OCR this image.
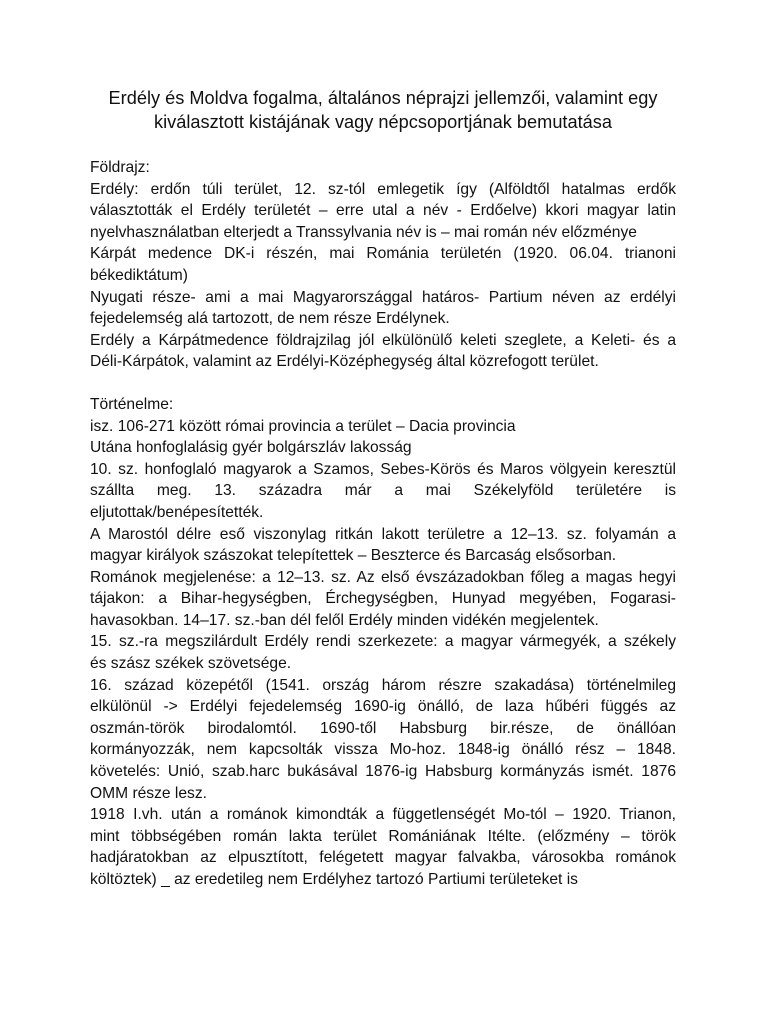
Erdély és Moldva fogalma, általános néprajzi jellemzői, valamint egy
kiválasztott kistájának vagy népcsoportjának bemutatása

Földrajz:

Erdély: erdőn túli terület, 12. sz-tól emlegetik így (Alföldtől hatalmas erdők
választották el Erdély területét – erre utal a név - Erdőelve) kkori magyar latin
nyelvhasználatban elterjedt a Transsylvania név is – mai román név előzménye

Kárpát medence DK-i részén, mai Románia területén (1920. 06.04. trianoni
békediktátum)

Nyugati része- ami a mai Magyarországgal határos- Partium néven az erdélyi
fejedelemség alá tartozott, de nem része Erdélynek.

Erdély a Kárpátmedence földrajzilag jól elkülönülő keleti szeglete, a Keleti- és a
Déli-Kárpátok, valamint az Erdélyi-Középhegység által közrefogott terület.

Történelme:

isz. 106-271 között római provincia a terület – Dacia provincia

Utána honfoglalásig gyér bolgárszláv lakosság

10. sz. honfoglaló magyarok a Szamos, Sebes-Körös és Maros völgyein keresztül
szállta meg. 13. századra már a mai Székelyföld területére is
eljutottak/benépesítették.

A Marostól délre eső viszonylag ritkán lakott területre a 12–13. sz. folyamán a
magyar királyok szászokat telepítettek – Beszterce és Barcaság elsősorban.

Románok megjelenése: a 12–13. sz. Az első évszázadokban főleg a magas hegyi
tájakon: a Bihar-hegységben, Érchegységben, Hunyad megyében, Fogarasi-
havasokban. 14–17. sz.-ban dél felől Erdély minden vidékén megjelentek.

15. sz.-ra megszilárdult Erdély rendi szerkezete: a magyar vármegyék, a székely
és szász székek szövetsége.

16. század közepétől (1541. ország három részre szakadása) történelmileg
elkülönül -> Erdélyi fejedelemség 1690-ig önálló, de laza hűbéri függés az
oszmán-török birodalomtól. 1690-től Habsburg bir.része, de önállóan
kormányozzák, nem kapcsolták vissza Mo-hoz. 1848-ig önálló rész – 1848.
követelés: Unió, szab.harc bukásával 1876-ig Habsburg kormányzás ismét. 1876
OMM része lesz.

1918 I.vh. után a románok kimondták a függetlenségét Mo-tól – 1920. Trianon,
mint többségében román lakta terület Romániának Itélte. (előzmény – török
hadjáratokban az elpusztított, felégetett magyar falvakba, városokba románok
költöztek) _ az eredetileg nem Erdélyhez tartozó Partiumi területeket is
